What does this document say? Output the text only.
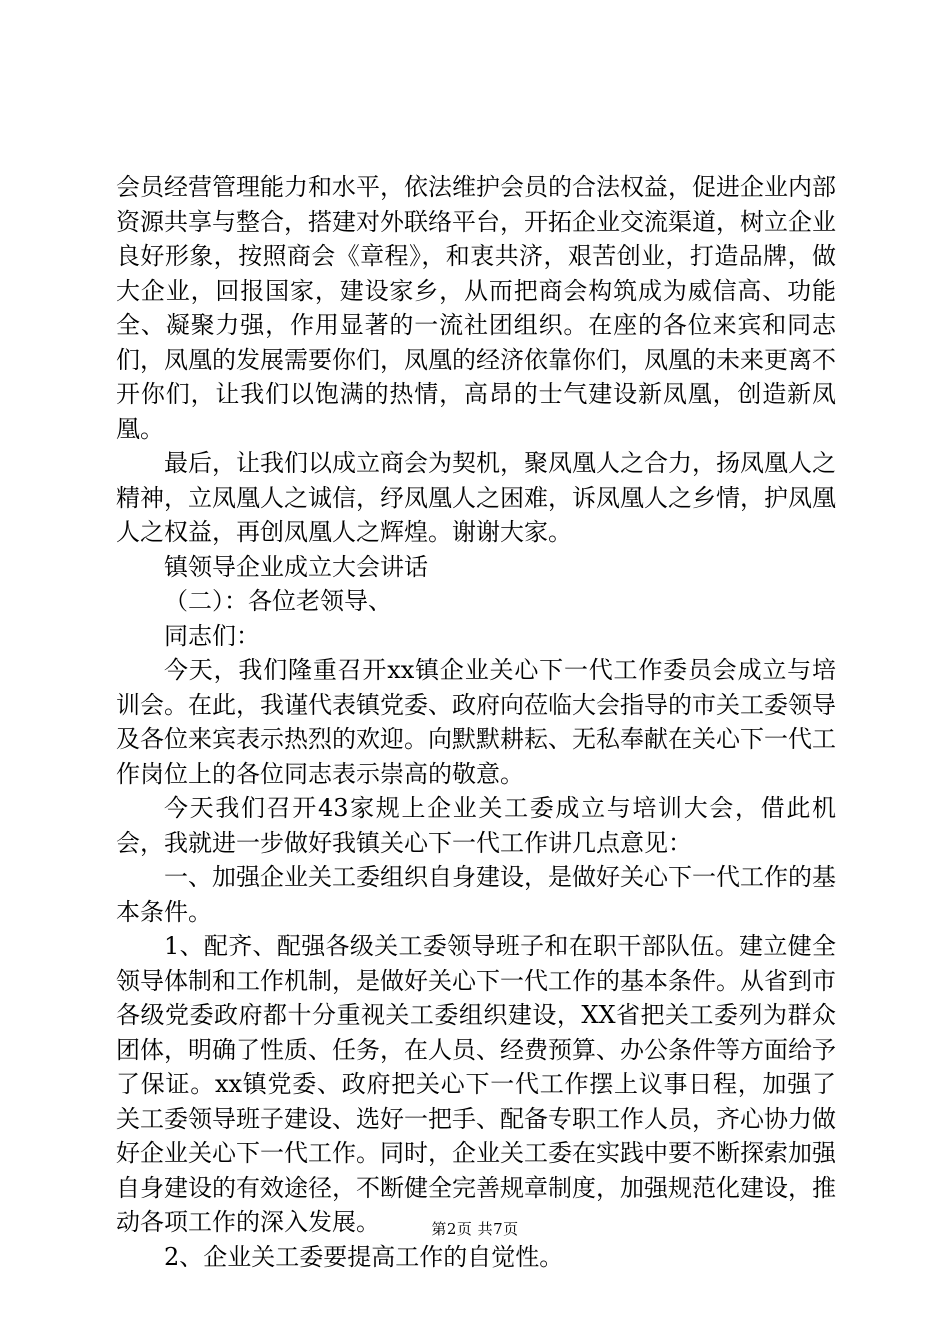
会员经营管理能力和水平，依法维护会员的合法权益，促进企业内部资源共享与整合，搭建对外联络平台，开拓企业交流渠道，树立企业良好形象，按照商会《章程》，和衷共济，艰苦创业，打造品牌，做大企业，回报国家，建设家乡，从而把商会构筑成为威信高、功能全、凝聚力强，作用显著的一流社团组织。在座的各位来宾和同志们，凤凰的发展需要你们，凤凰的经济依靠你们，凤凰的未来更离不开你们，让我们以饱满的热情，高昂的士气建设新凤凰，创造新凤凰。

最后，让我们以成立商会为契机，聚凤凰人之合力，扬凤凰人之精神，立凤凰人之诚信，纾凤凰人之困难，诉凤凰人之乡情，护凤凰人之权益，再创凤凰人之辉煌。谢谢大家。

镇领导企业成立大会讲话

（二）：各位老领导、

同志们：

今天，我们隆重召开xx镇企业关心下一代工作委员会成立与培训会。在此，我谨代表镇党委、政府向莅临大会指导的市关工委领导及各位来宾表示热烈的欢迎。向默默耕耘、无私奉献在关心下一代工作岗位上的各位同志表示崇高的敬意。

今天我们召开43家规上企业关工委成立与培训大会，借此机会，我就进一步做好我镇关心下一代工作讲几点意见：

一、加强企业关工委组织自身建设，是做好关心下一代工作的基本条件。

1、配齐、配强各级关工委领导班子和在职干部队伍。建立健全领导体制和工作机制，是做好关心下一代工作的基本条件。从省到市各级党委政府都十分重视关工委组织建设，XX省把关工委列为群众团体，明确了性质、任务，在人员、经费预算、办公条件等方面给予了保证。xx镇党委、政府把关心下一代工作摆上议事日程，加强了关工委领导班子建设、选好一把手、配备专职工作人员，齐心协力做好企业关心下一代工作。同时，企业关工委在实践中要不断探索加强自身建设的有效途径，不断健全完善规章制度，加强规范化建设，推动各项工作的深入发展。

2、企业关工委要提高工作的自觉性。

第2页 共7页
